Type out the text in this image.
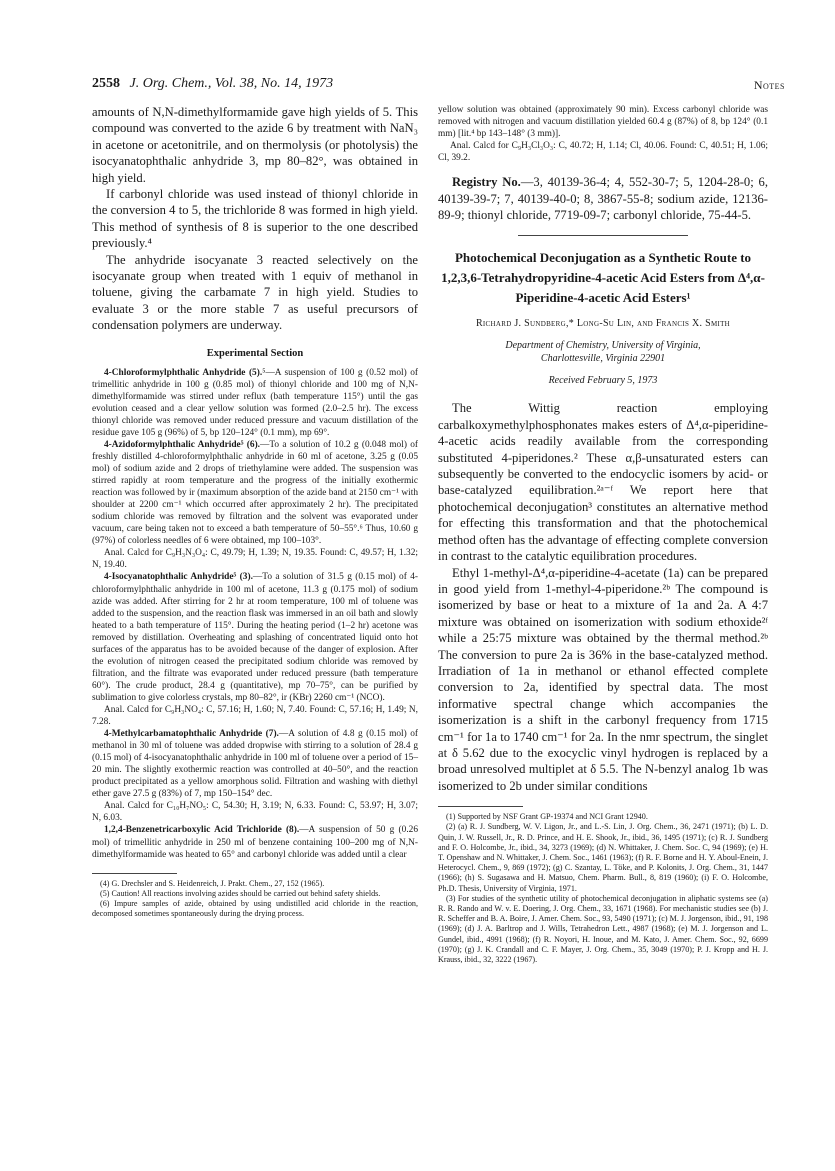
2558 J. Org. Chem., Vol. 38, No. 14, 1973	Notes

amounts of N,N-dimethylformamide gave high yields of 5. This compound was converted to the azide 6 by treatment with NaN₃ in acetone or acetonitrile, and on thermolysis (or photolysis) the isocyanatophthalic anhydride 3, mp 80–82°, was obtained in high yield.

If carbonyl chloride was used instead of thionyl chloride in the conversion 4 to 5, the trichloride 8 was formed in high yield. This method of synthesis of 8 is superior to the one described previously.⁴

The anhydride isocyanate 3 reacted selectively on the isocyanate group when treated with 1 equiv of methanol in toluene, giving the carbamate 7 in high yield. Studies to evaluate 3 or the more stable 7 as useful precursors of condensation polymers are underway.

Experimental Section

4-Chloroformylphthalic Anhydride (5).⁵—A suspension of 100 g (0.52 mol) of trimellitic anhydride in 100 g (0.85 mol) of thionyl chloride and 100 mg of N,N-dimethylformamide was stirred under reflux (bath temperature 115°) until the gas evolution ceased and a clear yellow solution was formed (2.0–2.5 hr). The excess thionyl chloride was removed under reduced pressure and vacuum distillation of the residue gave 105 g (96%) of 5, bp 120–124° (0.1 mm), mp 69°.

4-Azidoformylphthalic Anhydride⁵ (6).—To a solution of 10.2 g (0.048 mol) of freshly distilled 4-chloroformylphthalic anhydride in 60 ml of acetone, 3.25 g (0.05 mol) of sodium azide and 2 drops of triethylamine were added. The suspension was stirred rapidly at room temperature and the progress of the initially exothermic reaction was followed by ir (maximum absorption of the azide band at 2150 cm⁻¹ with shoulder at 2200 cm⁻¹ which occurred after approximately 2 hr). The precipitated sodium chloride was removed by filtration and the solvent was evaporated under vacuum, care being taken not to exceed a bath temperature of 50–55°.⁶ Thus, 10.60 g (97%) of colorless needles of 6 were obtained, mp 100–103°.

Anal. Calcd for C₉H₃N₃O₄: C, 49.79; H, 1.39; N, 19.35. Found: C, 49.57; H, 1.32; N, 19.40.

4-Isocyanatophthalic Anhydride⁵ (3).—To a solution of 31.5 g (0.15 mol) of 4-chloroformylphthalic anhydride in 100 ml of acetone, 11.3 g (0.175 mol) of sodium azide was added. After stirring for 2 hr at room temperature, 100 ml of toluene was added to the suspension, and the reaction flask was immersed in an oil bath and slowly heated to a bath temperature of 115°. During the heating period (1–2 hr) acetone was removed by distillation. Overheating and splashing of concentrated liquid onto hot surfaces of the apparatus has to be avoided because of the danger of explosion. After the evolution of nitrogen ceased the precipitated sodium chloride was removed by filtration, and the filtrate was evaporated under reduced pressure (bath temperature 60°). The crude product, 28.4 g (quantitative), mp 70–75°, can be purified by sublimation to give colorless crystals, mp 80–82°, ir (KBr) 2260 cm⁻¹ (NCO).

Anal. Calcd for C₉H₃NO₄: C, 57.16; H, 1.60; N, 7.40. Found: C, 57.16; H, 1.49; N, 7.28.

4-Methylcarbamatophthalic Anhydride (7).—A solution of 4.8 g (0.15 mol) of methanol in 30 ml of toluene was added dropwise with stirring to a solution of 28.4 g (0.15 mol) of 4-isocyanatophthalic anhydride in 100 ml of toluene over a period of 15–20 min. The slightly exothermic reaction was controlled at 40–50°, and the reaction product precipitated as a yellow amorphous solid. Filtration and washing with diethyl ether gave 27.5 g (83%) of 7, mp 150–154° dec.

Anal. Calcd for C₁₀H₇NO₅: C, 54.30; H, 3.19; N, 6.33. Found: C, 53.97; H, 3.07; N, 6.03.

1,2,4-Benzenetricarboxylic Acid Trichloride (8).—A suspension of 50 g (0.26 mol) of trimellitic anhydride in 250 ml of benzene containing 100–200 mg of N,N-dimethylformamide was heated to 65° and carbonyl chloride was added until a clear

(4) G. Drechsler and S. Heidenreich, J. Prakt. Chem., 27, 152 (1965).

(5) Caution! All reactions involving azides should be carried out behind safety shields.

(6) Impure samples of azide, obtained by using undistilled acid chloride in the reaction, decomposed sometimes spontaneously during the drying process.

yellow solution was obtained (approximately 90 min). Excess carbonyl chloride was removed with nitrogen and vacuum distillation yielded 60.4 g (87%) of 8, bp 124° (0.1 mm) [lit.⁴ bp 143–148° (3 mm)].

Anal. Calcd for C₉H₃Cl₃O₃: C, 40.72; H, 1.14; Cl, 40.06. Found: C, 40.51; H, 1.06; Cl, 39.2.

Registry No.—3, 40139-36-4; 4, 552-30-7; 5, 1204-28-0; 6, 40139-39-7; 7, 40139-40-0; 8, 3867-55-8; sodium azide, 12136-89-9; thionyl chloride, 7719-09-7; carbonyl chloride, 75-44-5.

Photochemical Deconjugation as a Synthetic Route to 1,2,3,6-Tetrahydropyridine-4-acetic Acid Esters from Δ⁴,α-Piperidine-4-acetic Acid Esters¹

Richard J. Sundberg,* Long-Su Lin, and Francis X. Smith

Department of Chemistry, University of Virginia,
Charlottesville, Virginia 22901

Received February 5, 1973

The Wittig reaction employing carbalkoxymethylphosphonates makes esters of Δ⁴,α-piperidine-4-acetic acids readily available from the corresponding substituted 4-piperidones.² These α,β-unsaturated esters can subsequently be converted to the endocyclic isomers by acid- or base-catalyzed equilibration.²ᵃ⁻ᶠ We report here that photochemical deconjugation³ constitutes an alternative method for effecting this transformation and that the photochemical method often has the advantage of effecting complete conversion in contrast to the catalytic equilibration procedures.

Ethyl 1-methyl-Δ⁴,α-piperidine-4-acetate (1a) can be prepared in good yield from 1-methyl-4-piperidone.²ᵇ The compound is isomerized by base or heat to a mixture of 1a and 2a. A 4:7 mixture was obtained on isomerization with sodium ethoxide²ᶠ while a 25:75 mixture was obtained by the thermal method.²ᵇ The conversion to pure 2a is 36% in the base-catalyzed method. Irradiation of 1a in methanol or ethanol effected complete conversion to 2a, identified by spectral data. The most informative spectral change which accompanies the isomerization is a shift in the carbonyl frequency from 1715 cm⁻¹ for 1a to 1740 cm⁻¹ for 2a. In the nmr spectrum, the singlet at δ 5.62 due to the exocyclic vinyl hydrogen is replaced by a broad unresolved multiplet at δ 5.5. The N-benzyl analog 1b was isomerized to 2b under similar conditions

(1) Supported by NSF Grant GP-19374 and NCI Grant 12940.

(2) (a) R. J. Sundberg, W. V. Ligon, Jr., and L.-S. Lin, J. Org. Chem., 36, 2471 (1971); (b) L. D. Quin, J. W. Russell, Jr., R. D. Prince, and H. E. Shook, Jr., ibid., 36, 1495 (1971); (c) R. J. Sundberg and F. O. Holcombe, Jr., ibid., 34, 3273 (1969); (d) N. Whittaker, J. Chem. Soc. C, 94 (1969); (e) H. T. Openshaw and N. Whittaker, J. Chem. Soc., 1461 (1963); (f) R. F. Borne and H. Y. Aboul-Enein, J. Heterocycl. Chem., 9, 869 (1972); (g) C. Szantay, L. Töke, and P. Kolonits, J. Org. Chem., 31, 1447 (1966); (h) S. Sugasawa and H. Matsuo, Chem. Pharm. Bull., 8, 819 (1960); (i) F. O. Holcombe, Ph.D. Thesis, University of Virginia, 1971.

(3) For studies of the synthetic utility of photochemical deconjugation in aliphatic systems see (a) R. R. Rando and W. v. E. Doering, J. Org. Chem., 33, 1671 (1968). For mechanistic studies see (b) J. R. Scheffer and B. A. Boire, J. Amer. Chem. Soc., 93, 5490 (1971); (c) M. J. Jorgenson, ibid., 91, 198 (1969); (d) J. A. Barltrop and J. Wills, Tetrahedron Lett., 4987 (1968); (e) M. J. Jorgenson and L. Gundel, ibid., 4991 (1968); (f) R. Noyori, H. Inoue, and M. Kato, J. Amer. Chem. Soc., 92, 6699 (1970); (g) J. K. Crandall and C. F. Mayer, J. Org. Chem., 35, 3049 (1970); P. J. Kropp and H. J. Krauss, ibid., 32, 3222 (1967).
